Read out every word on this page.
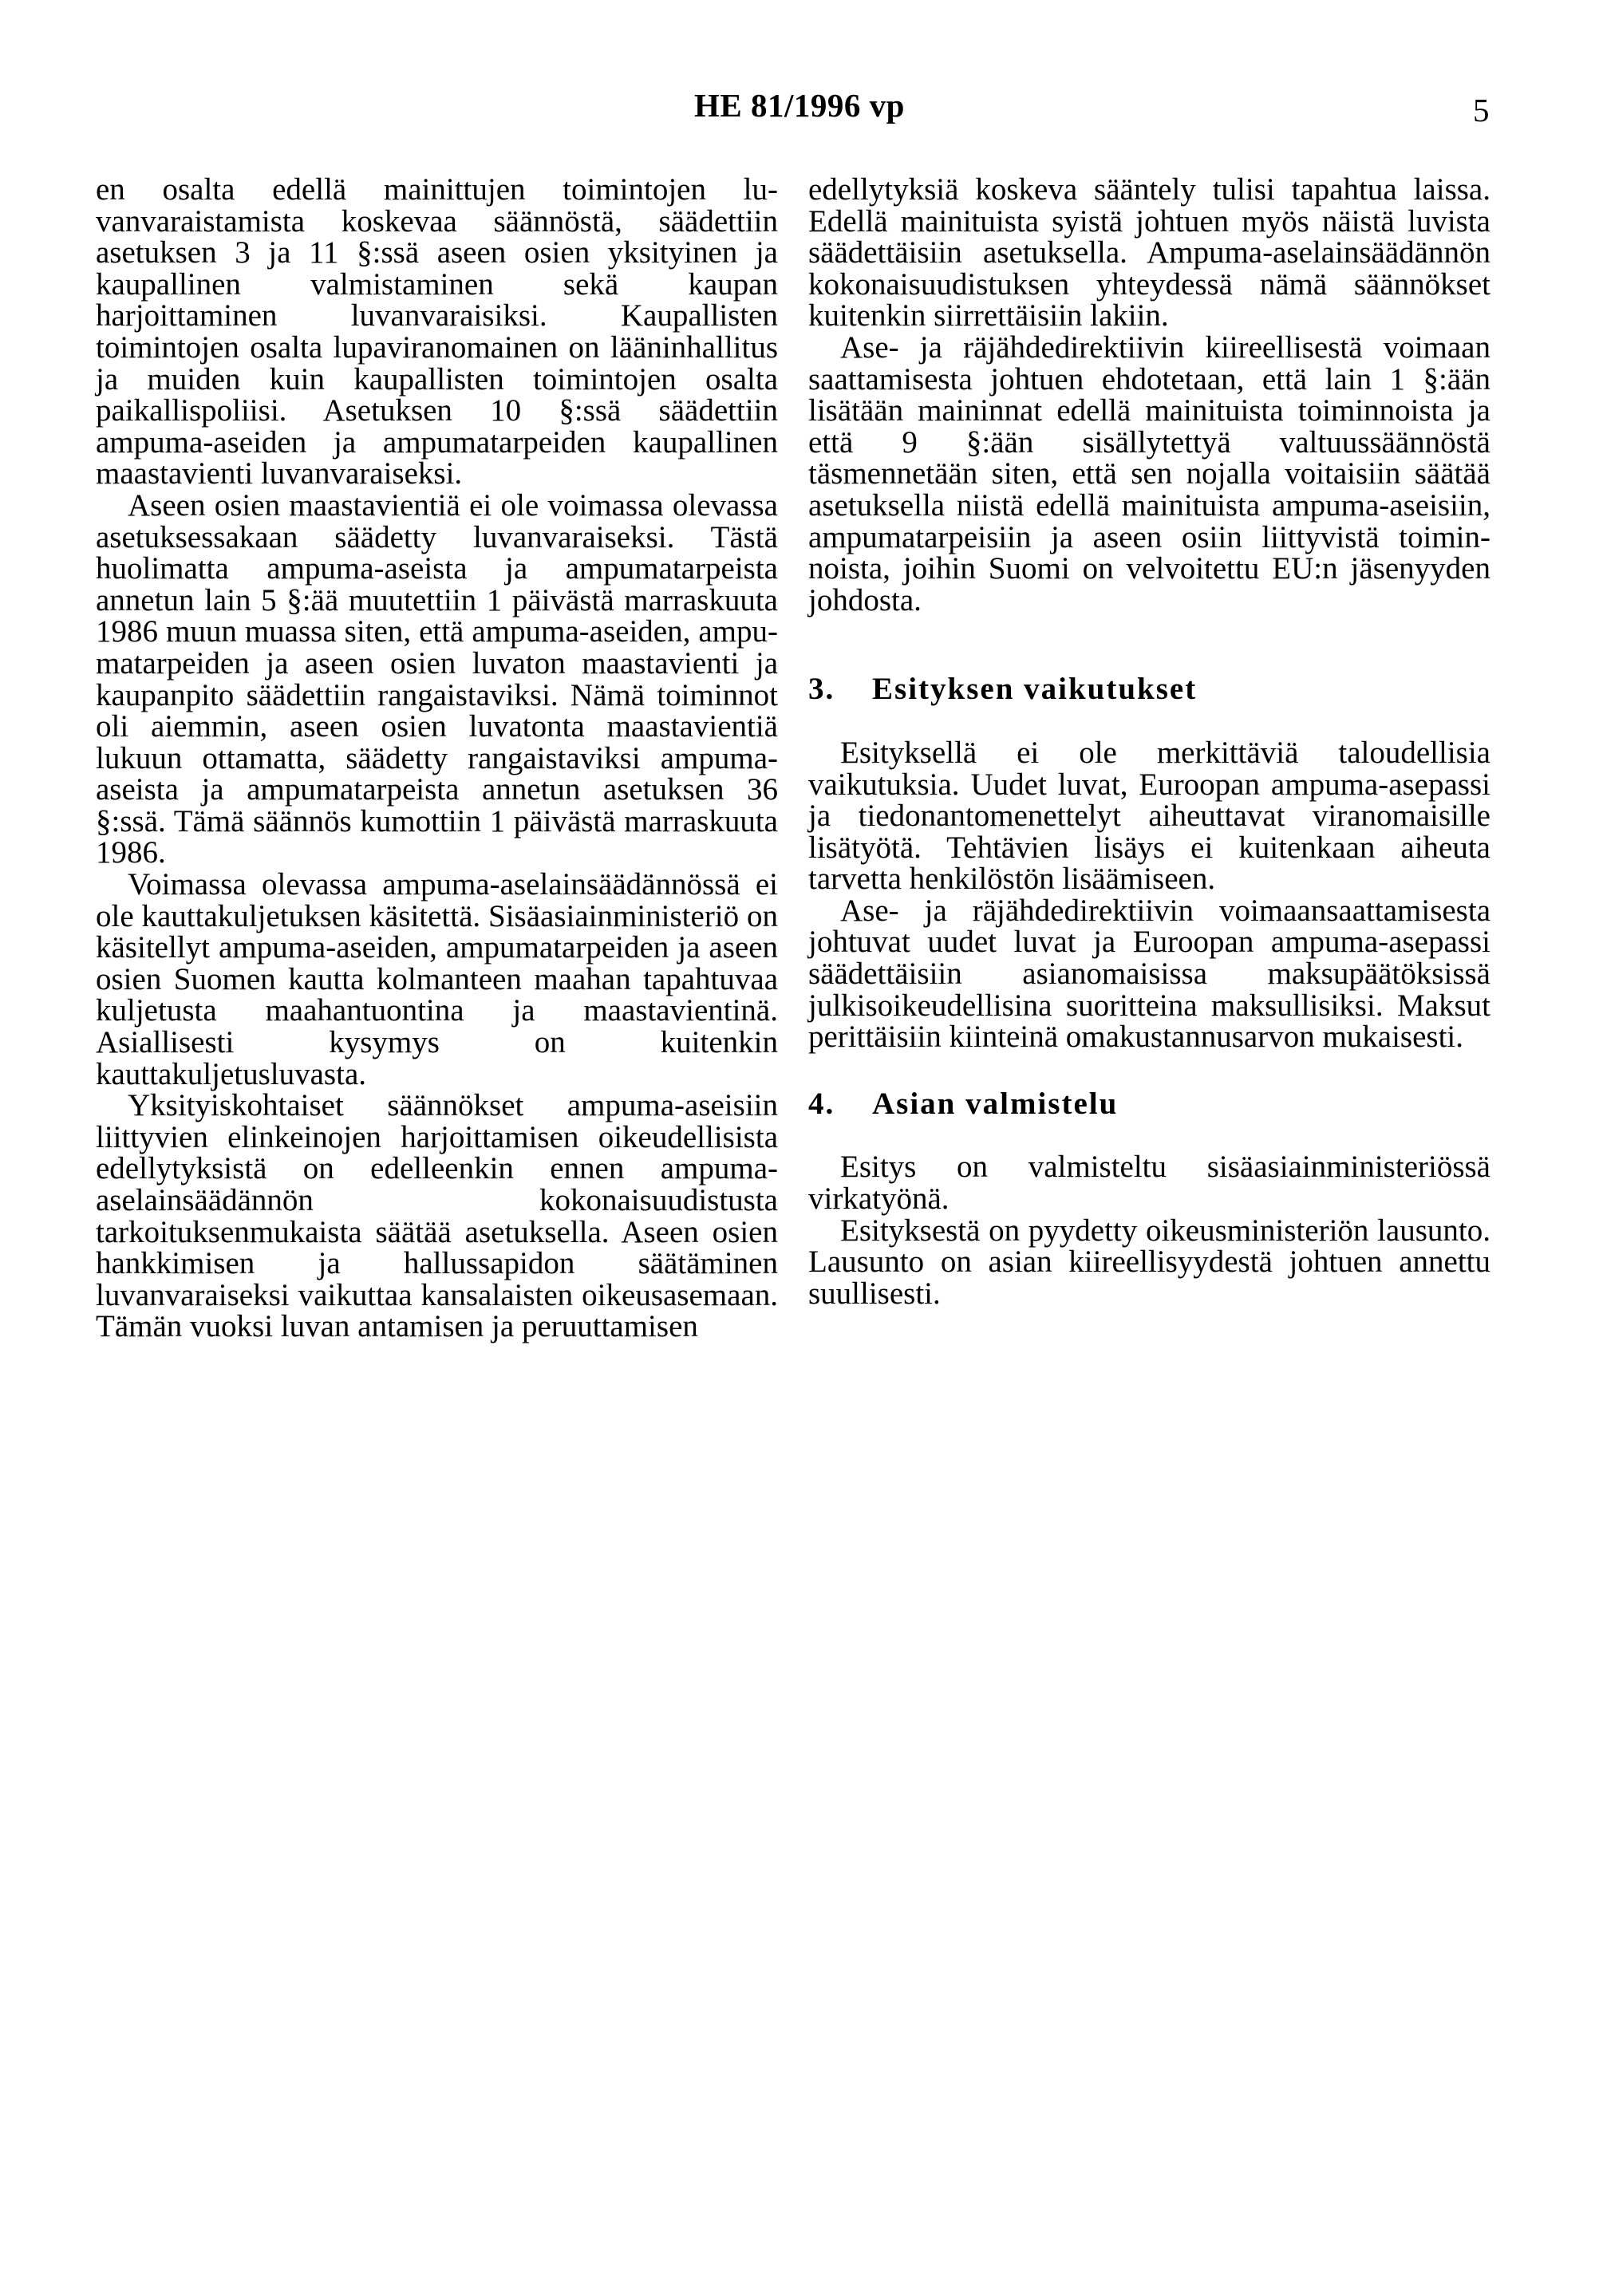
HE 81/1996 vp	5

en osalta edellä mainittujen toimintojen luvanvaraistamista koskevaa säännöstä, säädettiin asetuksen 3 ja 11 §:ssä aseen osien yksityinen ja kaupallinen valmistaminen sekä kaupan harjoittaminen luvanvaraisiksi. Kaupallisten toimintojen osalta lupaviranomainen on lääninhallitus ja muiden kuin kaupallisten toimintojen osalta paikallispoliisi. Asetuksen 10 §:ssä säädettiin ampuma-aseiden ja ampumatarpeiden kaupallinen maastavienti luvanvaraiseksi.

Aseen osien maastavientiä ei ole voimassa olevassa asetuksessakaan säädetty luvanvaraiseksi. Tästä huolimatta ampuma-aseista ja ampumatarpeista annetun lain 5 §:ää muutettiin 1 päivästä marraskuuta 1986 muun muassa siten, että ampuma-aseiden, ampumatarpeiden ja aseen osien luvaton maastavienti ja kaupanpito säädettiin rangaistaviksi. Nämä toiminnot oli aiemmin, aseen osien luvatonta maastavientiä lukuun ottamatta, säädetty rangaistaviksi ampuma-aseista ja ampumatarpeista annetun asetuksen 36 §:ssä. Tämä säännös kumottiin 1 päivästä marraskuuta 1986.

Voimassa olevassa ampuma-aselainsäädännössä ei ole kauttakuljetuksen käsitettä. Sisäasiainministeriö on käsitellyt ampuma-aseiden, ampumatarpeiden ja aseen osien Suomen kautta kolmanteen maahan tapahtuvaa kuljetusta maahantuontina ja maastavientinä. Asiallisesti kysymys on kuitenkin kauttakuljetusluvasta.

Yksityiskohtaiset säännökset ampuma-aseisiin liittyvien elinkeinojen harjoittamisen oikeudellisista edellytyksistä on edelleenkin ennen ampuma-aselainsäädännön kokonaisuudistusta tarkoituksenmukaista säätää asetuksella. Aseen osien hankkimisen ja hallussapidon säätäminen luvanvaraiseksi vaikuttaa kansalaisten oikeusasemaan. Tämän vuoksi luvan antamisen ja peruuttamisen

edellytyksiä koskeva sääntely tulisi tapahtua laissa. Edellä mainituista syistä johtuen myös näistä luvista säädettäisiin asetuksella. Ampuma-aselainsäädännön kokonaisuudistuksen yhteydessä nämä säännökset kuitenkin siirrettäisiin lakiin.

Ase- ja räjähdedirektiivin kiireellisestä voimaan saattamisesta johtuen ehdotetaan, että lain 1 §:ään lisätään maininnat edellä mainituista toiminnoista ja että 9 §:ään sisällytettyä valtuussäännöstä täsmennetään siten, että sen nojalla voitaisiin säätää asetuksella niistä edellä mainituista ampuma-aseisiin, ampumatarpeisiin ja aseen osiin liittyvistä toiminnoista, joihin Suomi on velvoitettu EU:n jäsenyyden johdosta.

3.	Esityksen vaikutukset

Esityksellä ei ole merkittäviä taloudellisia vaikutuksia. Uudet luvat, Euroopan ampuma-asepassi ja tiedonantomenettelyt aiheuttavat viranomaisille lisätyötä. Tehtävien lisäys ei kuitenkaan aiheuta tarvetta henkilöstön lisäämiseen.

Ase- ja räjähdedirektiivin voimaansaattamisesta johtuvat uudet luvat ja Euroopan ampuma-asepassi säädettäisiin asianomaisissa maksupäätöksissä julkisoikeudellisina suoritteina maksullisiksi. Maksut perittäisiin kiinteinä omakustannusarvon mukaisesti.

4.	Asian valmistelu

Esitys on valmisteltu sisäasiainministeriössä virkatyönä.

Esityksestä on pyydetty oikeusministeriön lausunto. Lausunto on asian kiireellisyydestä johtuen annettu suullisesti.
